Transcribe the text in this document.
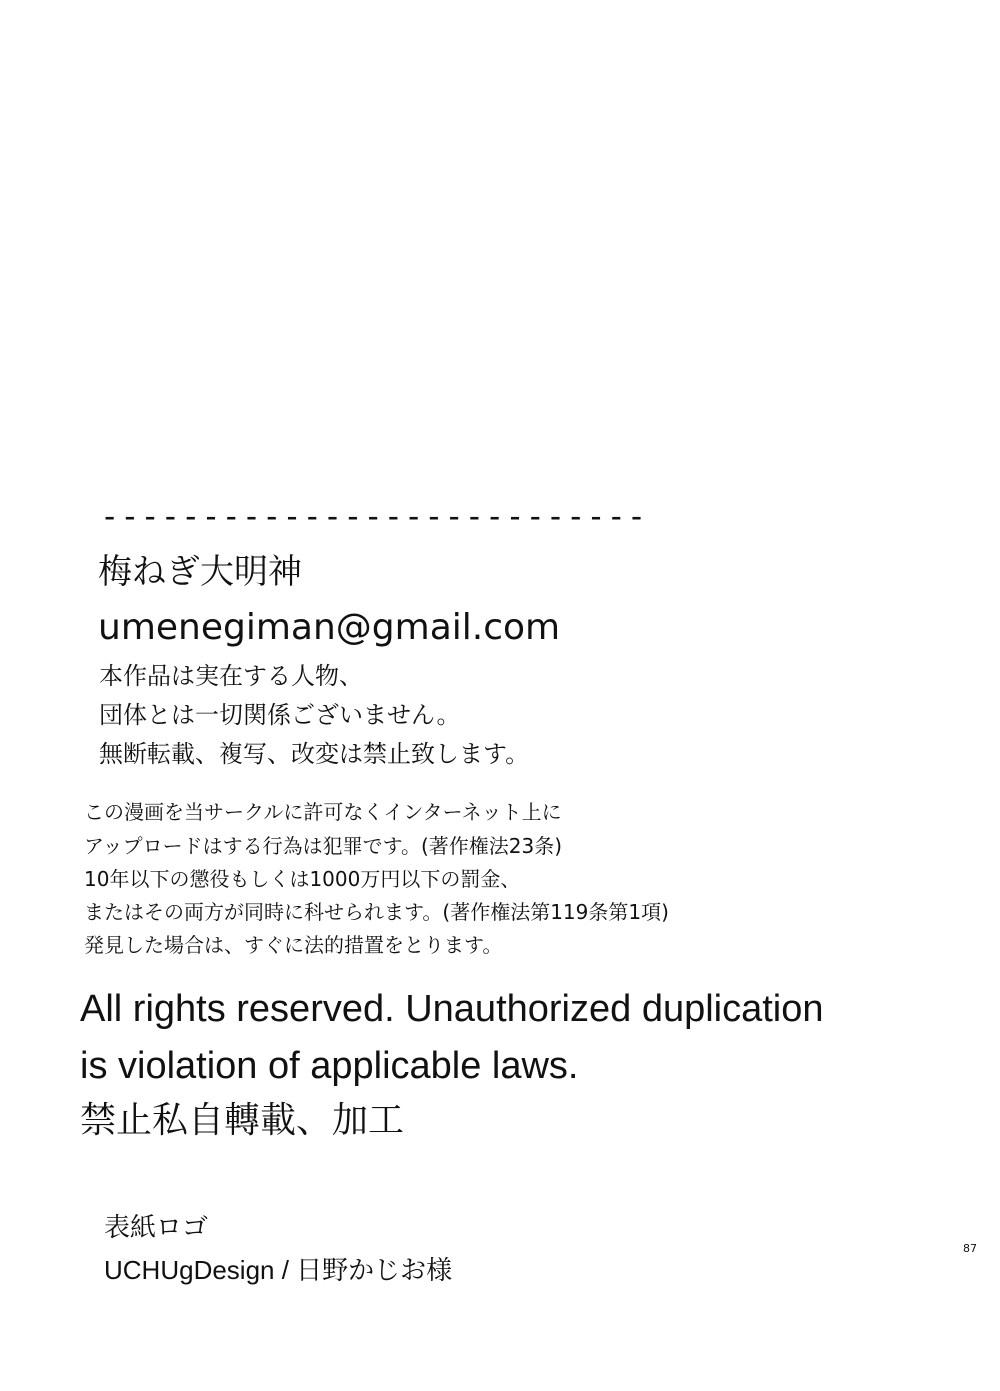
---------------------------
梅ねぎ大明神
umenegiman@gmail.com
本作品は実在する人物、
団体とは一切関係ございません。
無断転載、複写、改変は禁止致します。
この漫画を当サークルに許可なくインターネット上に
アップロードはする行為は犯罪です。(著作権法23条)
10年以下の懲役もしくは1000万円以下の罰金、
またはその両方が同時に科せられます。(著作権法第119条第1項)
発見した場合は、すぐに法的措置をとります。
All rights reserved. Unauthorized duplication
is violation of applicable laws.
禁止私自轉載、加工
表紙ロゴ
UCHUgDesign / 日野かじお様
87
